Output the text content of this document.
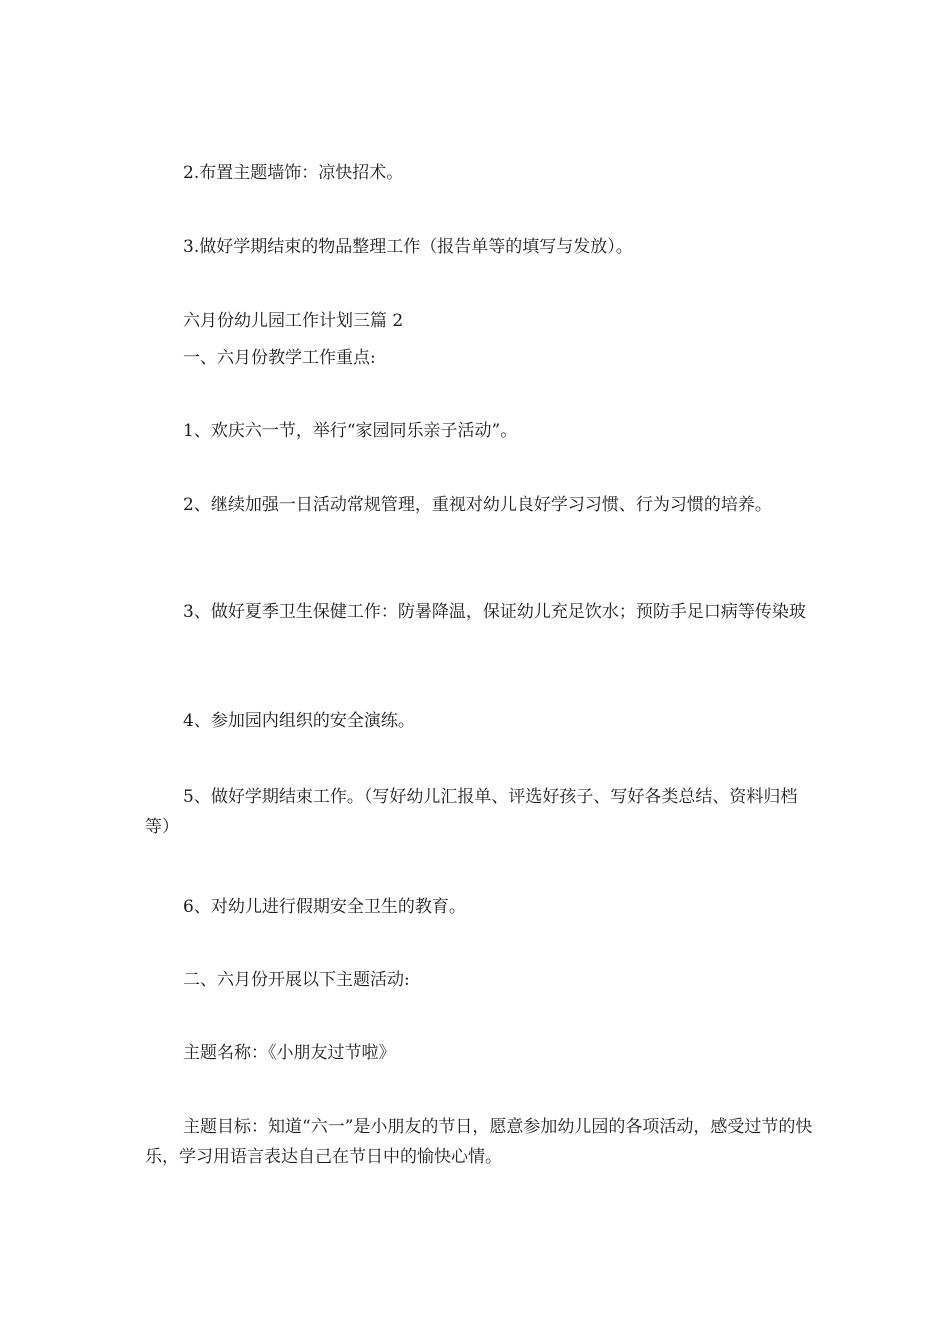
2.布置主题墙饰：凉快招术。

3.做好学期结束的物品整理工作（报告单等的填写与发放）。

六月份幼儿园工作计划三篇 2

一、六月份教学工作重点:

1、欢庆六一节，举行“家园同乐亲子活动”。

2、继续加强一日活动常规管理，重视对幼儿良好学习习惯、行为习惯的培养。

3、做好夏季卫生保健工作：防暑降温，保证幼儿充足饮水；预防手足口病等传染玻

4、参加园内组织的安全演练。

5、做好学期结束工作。（写好幼儿汇报单、评选好孩子、写好各类总结、资料归档等）

6、对幼儿进行假期安全卫生的教育。

二、六月份开展以下主题活动:

主题名称：《小朋友过节啦》

主题目标：知道“六一”是小朋友的节日，愿意参加幼儿园的各项活动，感受过节的快乐，学习用语言表达自己在节日中的愉快心情。
